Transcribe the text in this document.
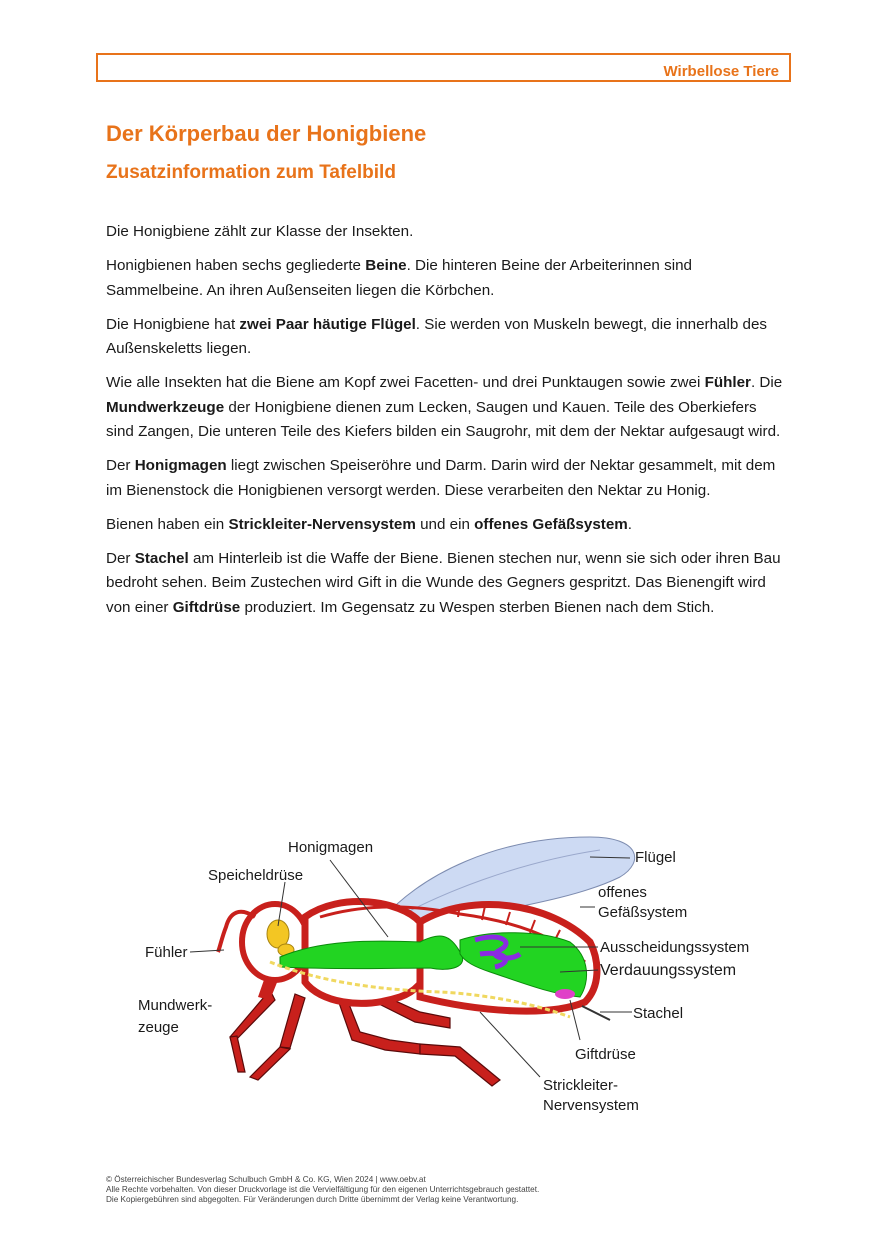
Wirbellose Tiere
Der Körperbau der Honigbiene
Zusatzinformation zum Tafelbild

Die Honigbiene zählt zur Klasse der Insekten.

Honigbienen haben sechs gegliederte Beine. Die hinteren Beine der Arbeiterinnen sind Sammelbeine. An ihren Außenseiten liegen die Körbchen.

Die Honigbiene hat zwei Paar häutige Flügel. Sie werden von Muskeln bewegt, die innerhalb des Außenskeletts liegen.

Wie alle Insekten hat die Biene am Kopf zwei Facetten- und drei Punktaugen sowie zwei Fühler. Die Mundwerkzeuge der Honigbiene dienen zum Lecken, Saugen und Kauen. Teile des Oberkiefers sind Zangen, Die unteren Teile des Kiefers bilden ein Saugrohr, mit dem der Nektar aufgesaugt wird.

Der Honigmagen liegt zwischen Speiseröhre und Darm. Darin wird der Nektar gesammelt, mit dem im Bienenstock die Honigbienen versorgt werden. Diese verarbeiten den Nektar zu Honig.

Bienen haben ein Strickleiter-Nervensystem und ein offenes Gefäßsystem.

Der Stachel am Hinterleib ist die Waffe der Biene. Bienen stechen nur, wenn sie sich oder ihren Bau bedroht sehen. Beim Zustechen wird Gift in die Wunde des Gegners gespritzt. Das Bienengift wird von einer Giftdrüse produziert. Im Gegensatz zu Wespen sterben Bienen nach dem Stich.

Honigmagen
Speicheldrüse
Fühler
Mundwerk-
zeuge
Flügel
offenes
Gefäßsystem
Ausscheidungssystem
Verdauungssystem
Stachel
Giftdrüse
Strickleiter-
Nervensystem
© Österreichischer Bundesverlag Schulbuch GmbH & Co. KG, Wien 2024 | www.oebv.at
Alle Rechte vorbehalten. Von dieser Druckvorlage ist die Vervielfältigung für den eigenen Unterrichtsgebrauch gestattet.
Die Kopiergebühren sind abgegolten. Für Veränderungen durch Dritte übernimmt der Verlag keine Verantwortung.
